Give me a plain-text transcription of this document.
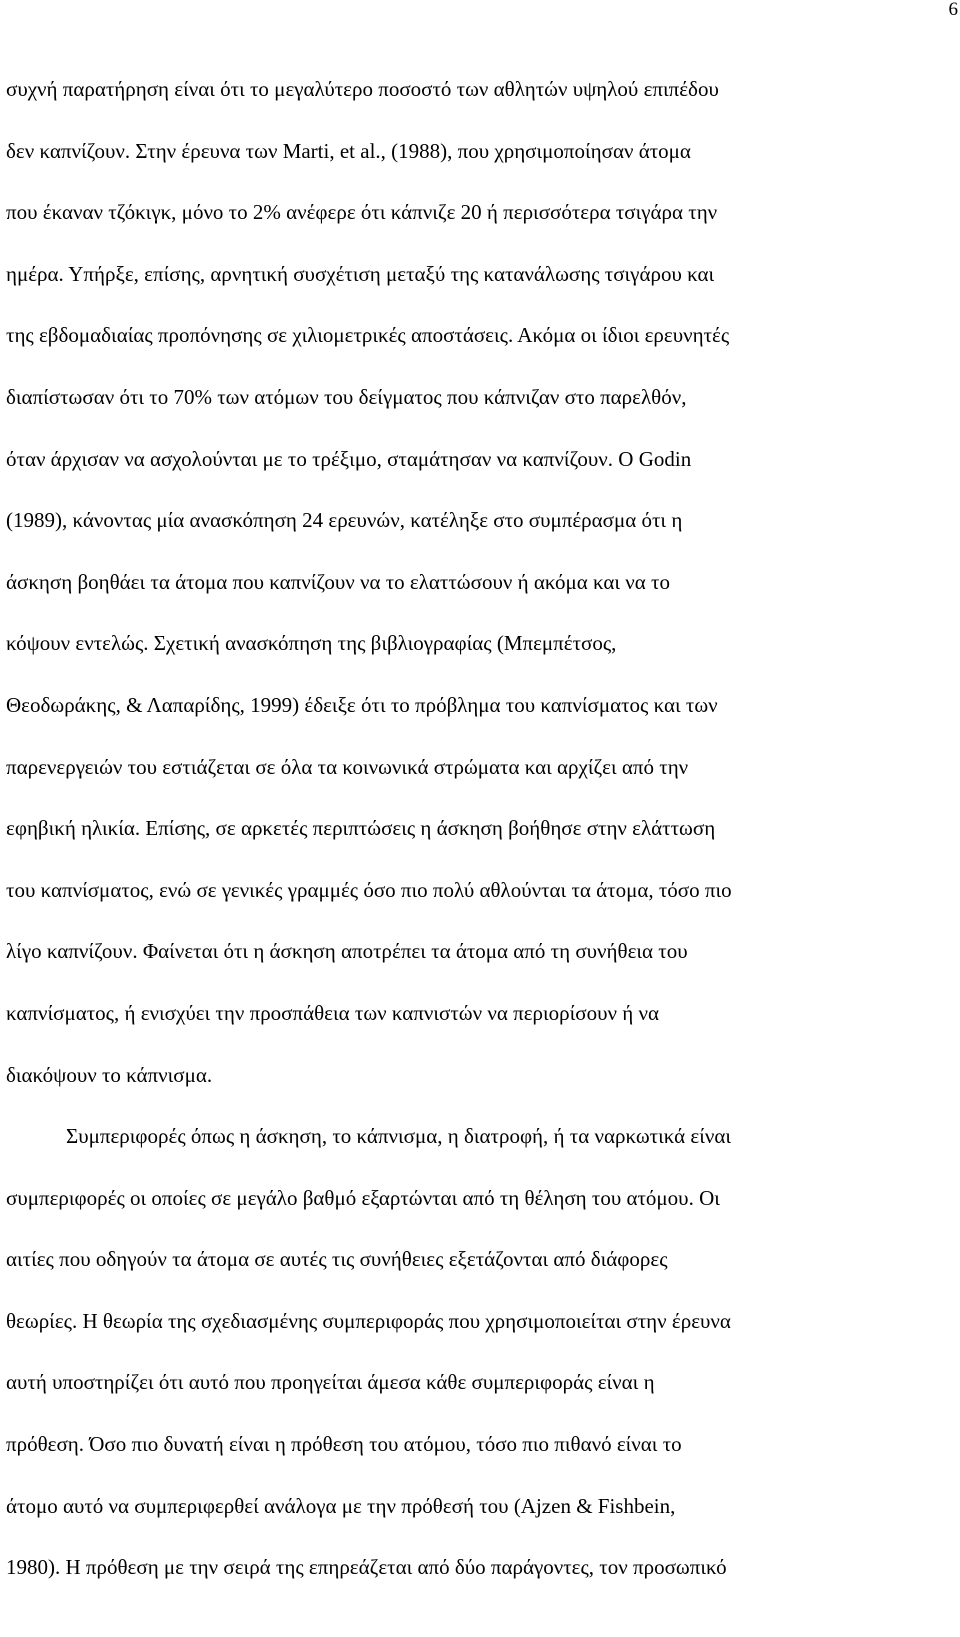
6
συχνή παρατήρηση είναι ότι το μεγαλύτερο ποσοστό των αθλητών υψηλού επιπέδου
δεν καπνίζουν. Στην έρευνα των Marti, et al., (1988), που χρησιμοποίησαν άτομα
που έκαναν τζόκιγκ, μόνο το 2% ανέφερε ότι κάπνιζε 20 ή περισσότερα τσιγάρα την
ημέρα. Υπήρξε, επίσης, αρνητική συσχέτιση μεταξύ της κατανάλωσης τσιγάρου και
της εβδομαδιαίας προπόνησης σε χιλιομετρικές αποστάσεις. Ακόμα οι ίδιοι ερευνητές
διαπίστωσαν ότι το 70% των ατόμων του δείγματος που κάπνιζαν στο παρελθόν,
όταν άρχισαν να ασχολούνται με το τρέξιμο, σταμάτησαν να καπνίζουν. Ο Godin
(1989), κάνοντας μία ανασκόπηση 24 ερευνών, κατέληξε στο συμπέρασμα ότι η
άσκηση βοηθάει τα άτομα που καπνίζουν να το ελαττώσουν ή ακόμα και να το
κόψουν εντελώς. Σχετική ανασκόπηση της βιβλιογραφίας (Μπεμπέτσος,
Θεοδωράκης, & Λαπαρίδης, 1999) έδειξε ότι το πρόβλημα του καπνίσματος και των
παρενεργειών του εστιάζεται σε όλα τα κοινωνικά στρώματα και αρχίζει από την
εφηβική ηλικία. Επίσης, σε αρκετές περιπτώσεις η άσκηση βοήθησε στην ελάττωση
του καπνίσματος, ενώ σε γενικές γραμμές όσο πιο πολύ αθλούνται τα άτομα, τόσο πιο
λίγο καπνίζουν. Φαίνεται ότι η άσκηση αποτρέπει τα άτομα από τη συνήθεια του
καπνίσματος, ή ενισχύει την προσπάθεια των καπνιστών να περιορίσουν ή να
διακόψουν το κάπνισμα.
Συμπεριφορές όπως η άσκηση, το κάπνισμα, η διατροφή, ή τα ναρκωτικά είναι
συμπεριφορές οι οποίες σε μεγάλο βαθμό εξαρτώνται από τη θέληση του ατόμου. Οι
αιτίες που οδηγούν τα άτομα σε αυτές τις συνήθειες εξετάζονται από διάφορες
θεωρίες. Η θεωρία της σχεδιασμένης συμπεριφοράς που χρησιμοποιείται στην έρευνα
αυτή υποστηρίζει ότι αυτό που προηγείται άμεσα κάθε συμπεριφοράς είναι η
πρόθεση. Όσο πιο δυνατή είναι η πρόθεση του ατόμου, τόσο πιο πιθανό είναι το
άτομο αυτό να συμπεριφερθεί ανάλογα με την πρόθεσή του (Ajzen & Fishbein,
1980). Η πρόθεση με την σειρά της επηρεάζεται από δύο παράγοντες, τον προσωπικό
